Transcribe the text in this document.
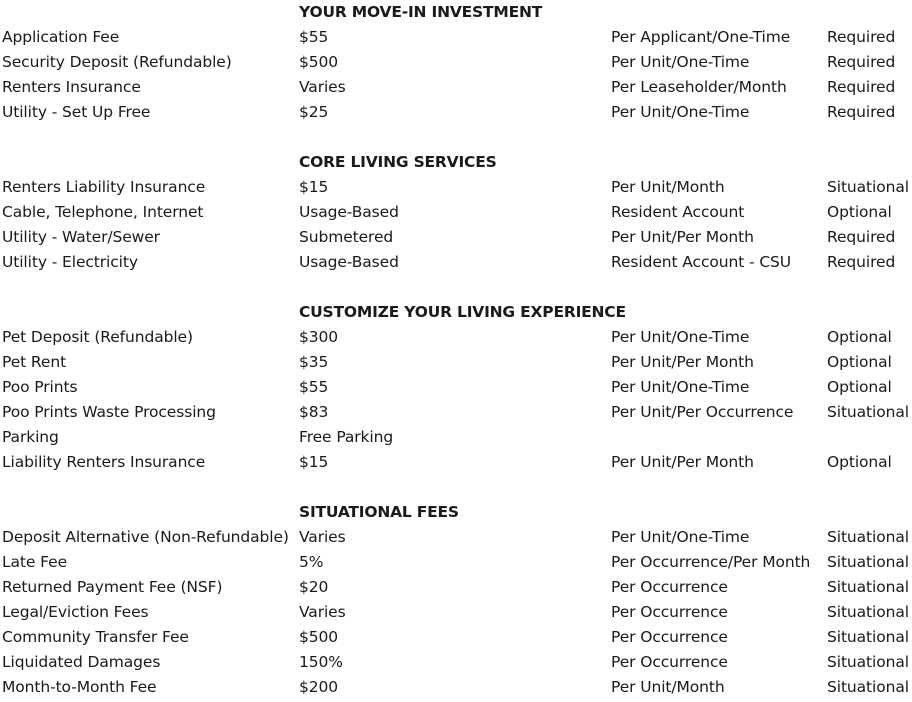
YOUR MOVE-IN INVESTMENT
Application Fee	$55	Per Applicant/One-Time Required
Security Deposit (Refundable)	$500	Per Unit/One-Time	Required
Renters Insurance	Varies	Per Leaseholder/Month	Required
Utility - Set Up Free	$25	Per Unit/One-Time	Required
CORE LIVING SERVICES
Renters Liability Insurance	$15	Per Unit/Month	Situational
Cable, Telephone, Internet	Usage-Based	Resident Account	Optional
Utility - Water/Sewer	Submetered	Per Unit/Per Month	Required
Utility - Electricity	Usage-Based	Resident Account - CSU Required
CUSTOMIZE YOUR LIVING EXPERIENCE
Pet Deposit (Refundable)	$300	Per Unit/One-Time	Optional
Pet Rent	$35	Per Unit/Per Month	Optional
Poo Prints	$55	Per Unit/One-Time	Optional
Poo Prints Waste Processing	$83	Per Unit/Per Occurrence Situational
Parking	Free Parking
Liability Renters Insurance	$15	Per Unit/Per Month	Optional
SITUATIONAL FEES
Deposit Alternative (Non-Refundable) Varies	Per Unit/One-Time	Situational
Late Fee	5%	Per Occurrence/Per Month Situational
Returned Payment Fee (NSF)	$20	Per Occurrence	Situational
Legal/Eviction Fees	Varies	Per Occurrence	Situational
Community Transfer Fee	$500	Per Occurrence	Situational
Liquidated Damages	150%	Per Occurrence	Situational
Month-to-Month Fee	$200	Per Unit/Month	Situational
